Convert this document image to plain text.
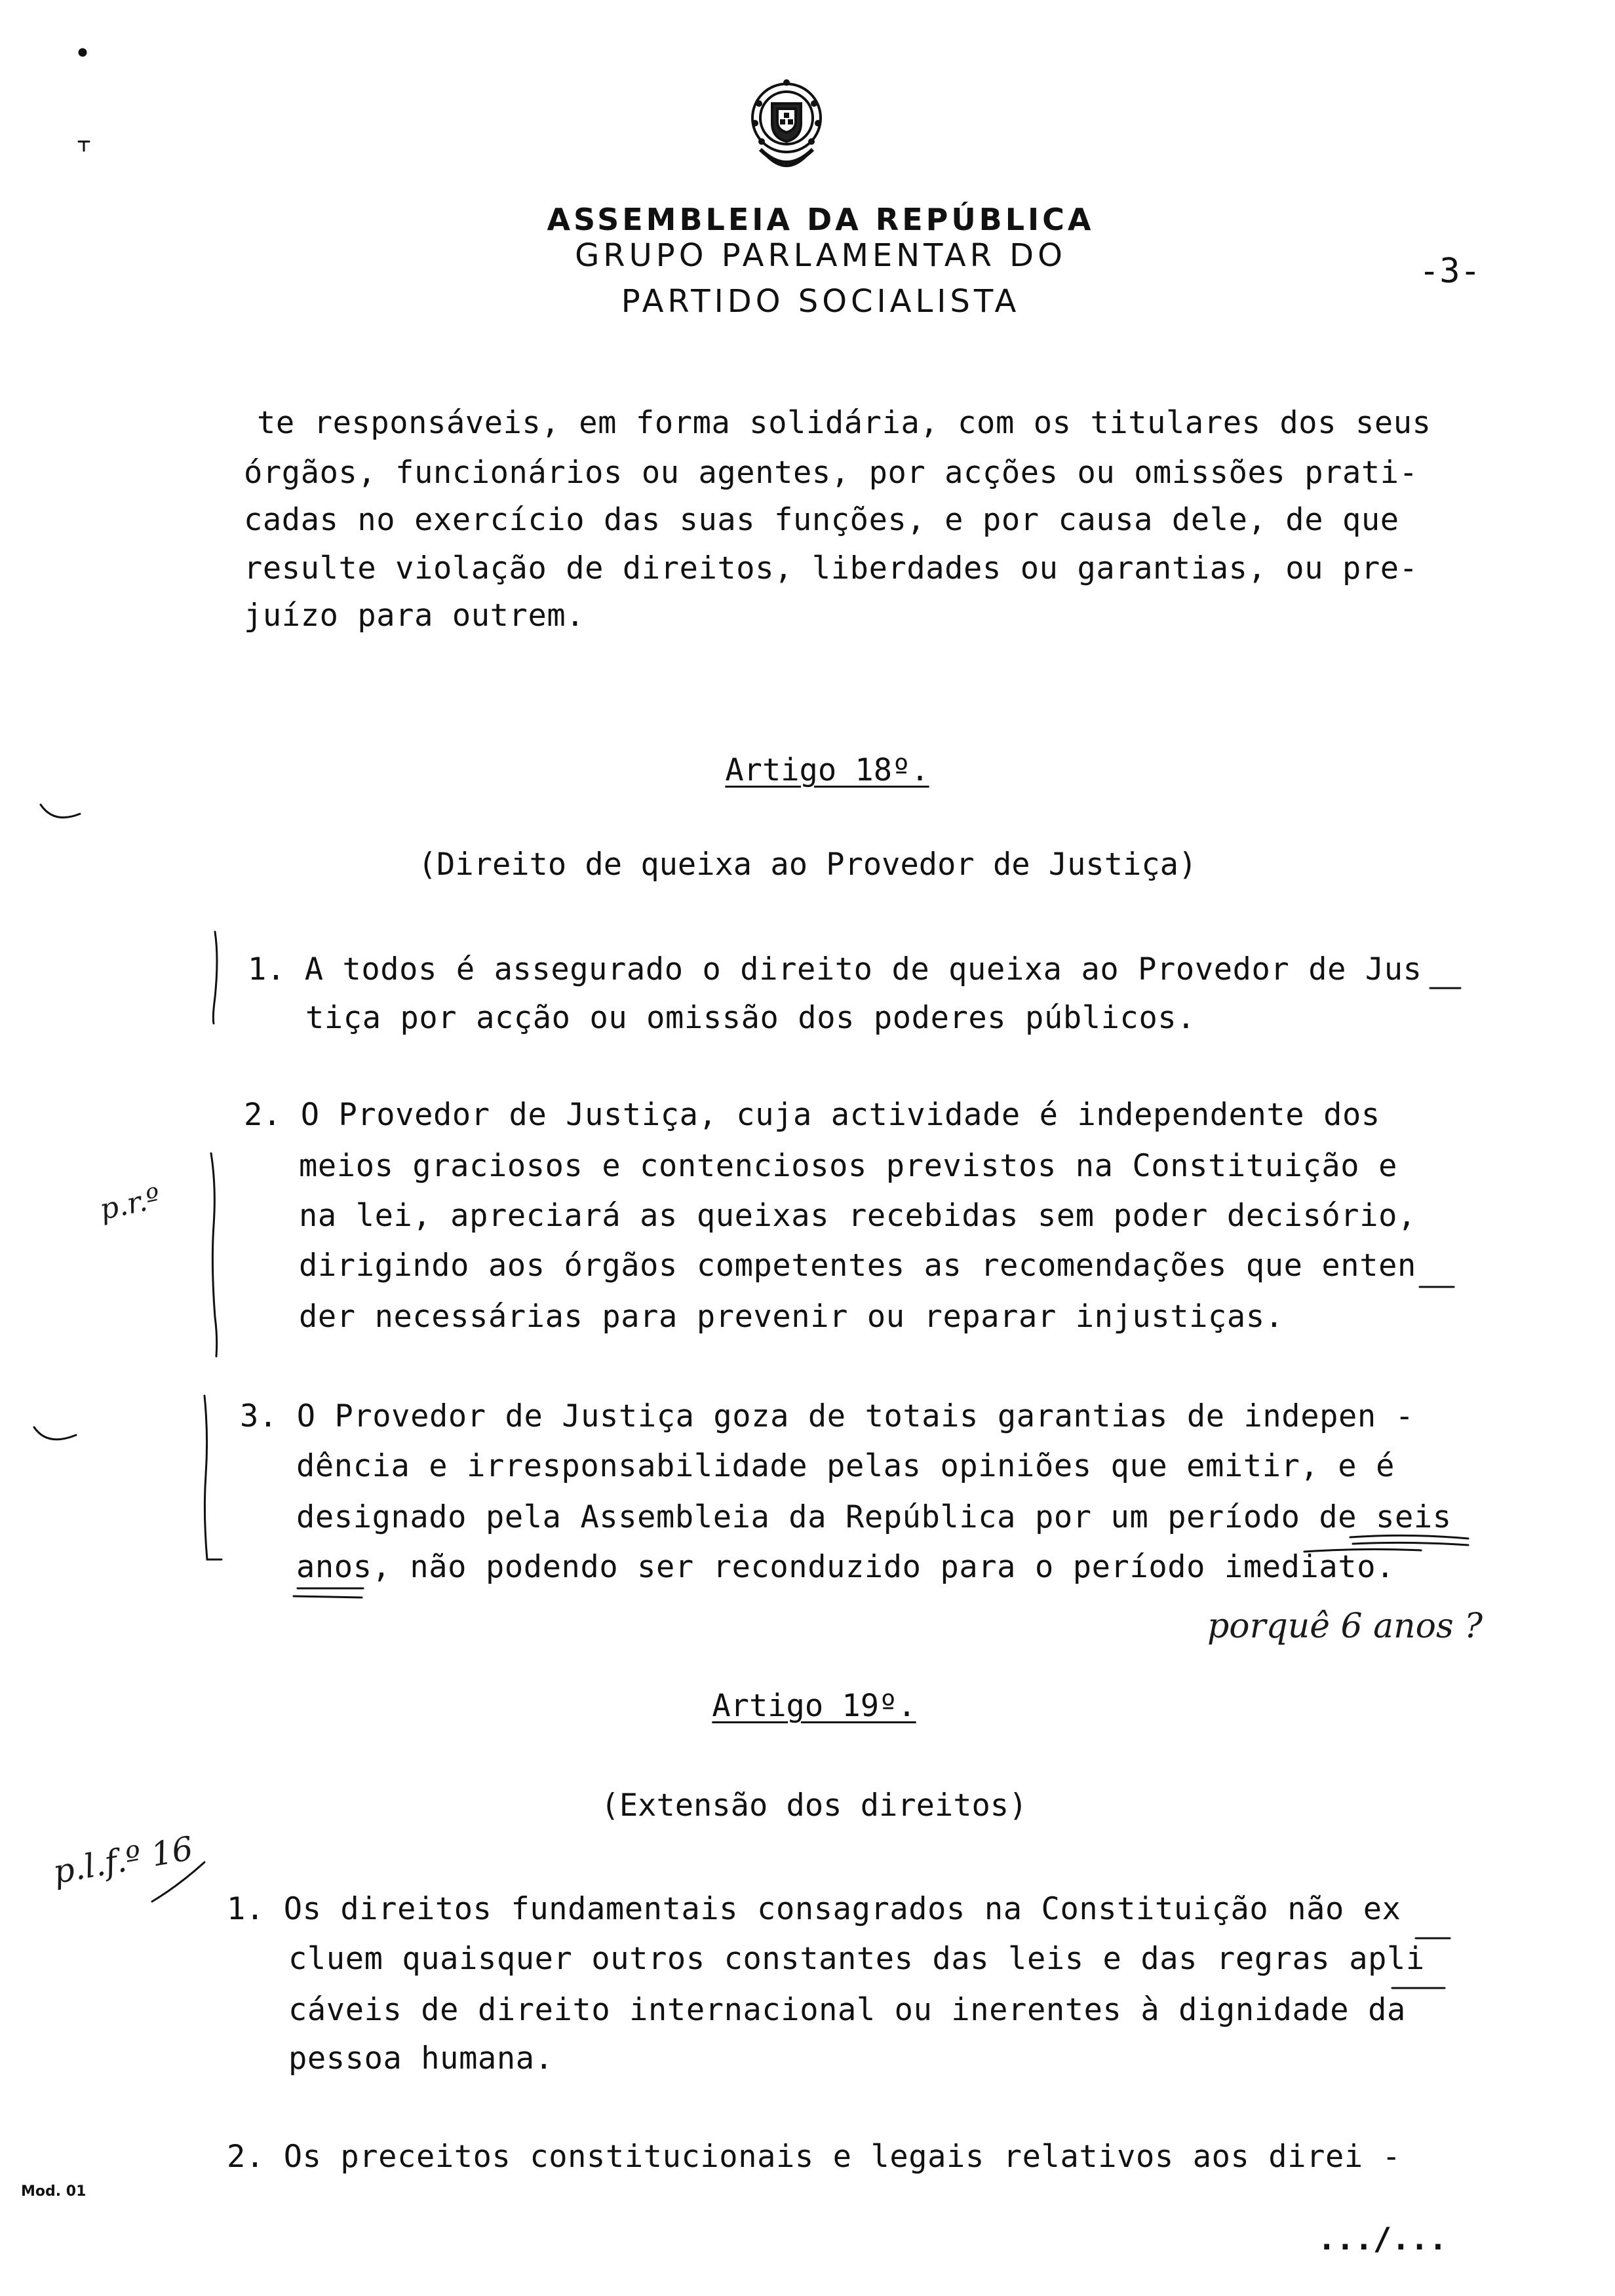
ASSEMBLEIA DA REPÚBLICA
GRUPO PARLAMENTAR DO
PARTIDO SOCIALISTA
-3-
te responsáveis, em forma solidária, com os titulares dos seus
órgãos, funcionários ou agentes, por acções ou omissões prati-
cadas no exercício das suas funções, e por causa dele, de que
resulte violação de direitos, liberdades ou garantias, ou pre-
juízo para outrem.
Artigo 18º.
(Direito de queixa ao Provedor de Justiça)
1. A todos é assegurado o direito de queixa ao Provedor de Jus
tiça por acção ou omissão dos poderes públicos.
2. O Provedor de Justiça, cuja actividade é independente dos
meios graciosos e contenciosos previstos na Constituição e
na lei, apreciará as queixas recebidas sem poder decisório,
dirigindo aos órgãos competentes as recomendações que enten
der necessárias para prevenir ou reparar injustiças.
3. O Provedor de Justiça goza de totais garantias de indepen -
dência e irresponsabilidade pelas opiniões que emitir, e é
designado pela Assembleia da República por um período de seis
anos, não podendo ser reconduzido para o período imediato.
porquê 6 anos ?
p.r.º
p.l.f.º 16
Artigo 19º.
(Extensão dos direitos)
1. Os direitos fundamentais consagrados na Constituição não ex
cluem quaisquer outros constantes das leis e das regras apli
cáveis de direito internacional ou inerentes à dignidade da
pessoa humana.
2. Os preceitos constitucionais e legais relativos aos direi -
Mod. 01
.../...
